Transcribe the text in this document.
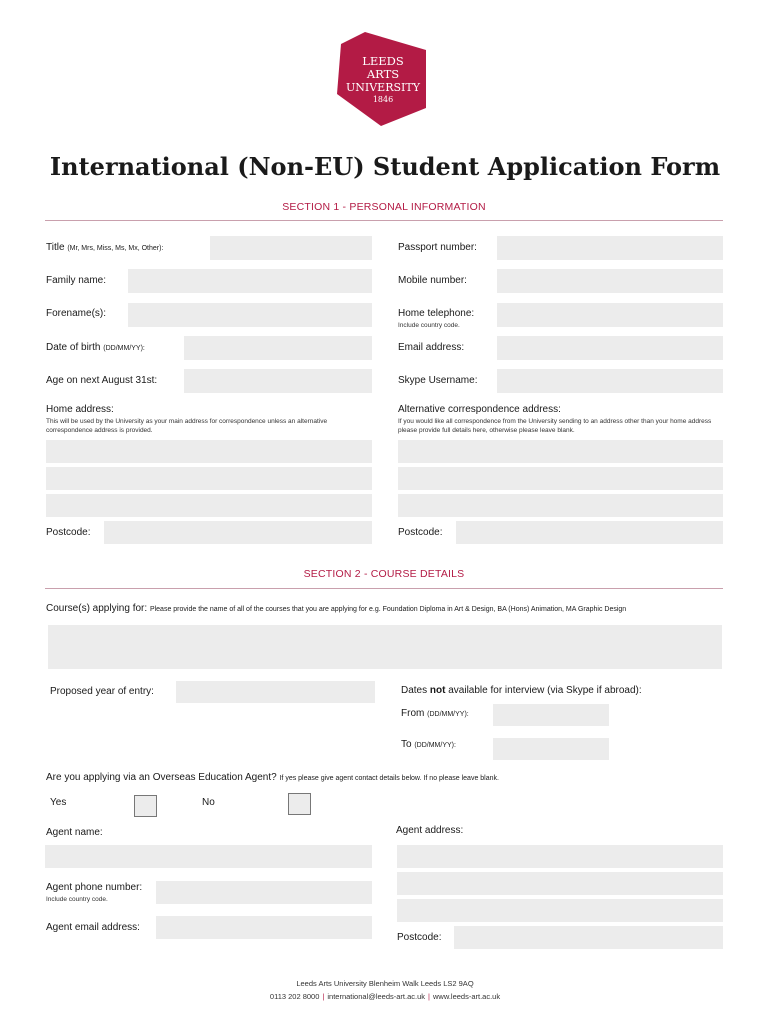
LEEDS
ARTS
UNIVERSITY
1846
International (Non-EU) Student Application Form
SECTION 1 - PERSONAL INFORMATION
Title (Mr, Mrs, Miss, Ms, Mx, Other):	Passport number:
Family name:	Mobile number:
Forename(s):	Home telephone:
Include country code.
Date of birth (DD/MM/YY):	Email address:
Age on next August 31st:	Skype Username:
Home address:
This will be used by the University as your main address for correspondence unless an alternative correspondence address is provided.
Postcode:
Alternative correspondence address:
If you would like all correspondence from the University sending to an address other than your home address please provide full details here, otherwise please leave blank.
Postcode:
SECTION 2 - COURSE DETAILS
Course(s) applying for: Please provide the name of all of the courses that you are applying for e.g. Foundation Diploma in Art & Design, BA (Hons) Animation, MA Graphic Design
Proposed year of entry:	Dates not available for interview (via Skype if abroad):
From (DD/MM/YY):
To (DD/MM/YY):
Are you applying via an Overseas Education Agent? If yes please give agent contact details below. If no please leave blank.
Yes	No
Agent name:	Agent address:
Agent phone number:
Include country code.
Agent email address:
Postcode:
Leeds Arts University Blenheim Walk Leeds LS2 9AQ
0113 202 8000 | international@leeds-art.ac.uk | www.leeds-art.ac.uk
